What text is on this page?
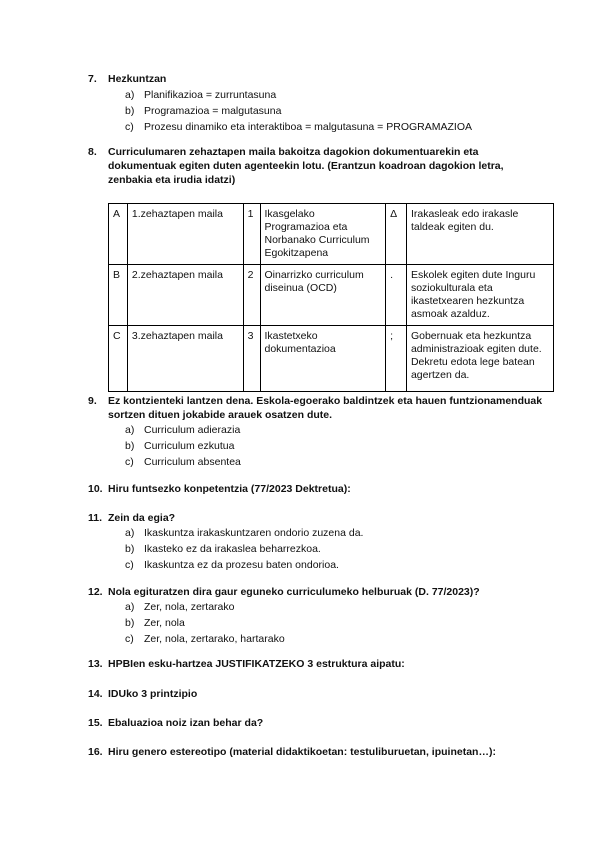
7. Hezkuntzan
a) Planifikazioa = zurruntasuna
b) Programazioa = malgutasuna
c) Prozesu dinamiko eta interaktiboa = malgutasuna = PROGRAMAZIOA
8. Curriculumaren zehaztapen maila bakoitza dagokion dokumentuarekin eta dokumentuak egiten duten agenteekin lotu. (Erantzun koadroan dagokion letra, zenbakia eta irudia idatzi)
A	1.zehaztapen maila	1	Ikasgelako Programazioa eta Norbanako Curriculum Egokitzapena	Δ	Irakasleak edo irakasle taldeak egiten du.
B	2.zehaztapen maila	2	Oinarrizko curriculum diseinua (OCD)	.	Eskolek egiten dute Inguru soziokulturala eta ikastetxearen hezkuntza asmoak azalduz.
C	3.zehaztapen maila	3	Ikastetxeko dokumentazioa	;	Gobernuak eta hezkuntza administrazioak egiten dute. Dekretu edota lege batean agertzen da.
9. Ez kontzienteki lantzen dena. Eskola-egoerako baldintzek eta hauen funtzionamenduak sortzen dituen jokabide arauek osatzen dute.
a) Curriculum adierazia
b) Curriculum ezkutua
c) Curriculum absentea
10. Hiru funtsezko konpetentzia (77/2023 Dektretua):
11. Zein da egia?
a) Ikaskuntza irakaskuntzaren ondorio zuzena da.
b) Ikasteko ez da irakaslea beharrezkoa.
c) Ikaskuntza ez da prozesu baten ondorioa.
12. Nola egituratzen dira gaur eguneko curriculumeko helburuak (D. 77/2023)?
a) Zer, nola, zertarako
b) Zer, nola
c) Zer, nola, zertarako, hartarako
13. HPBIen esku-hartzea JUSTIFIKATZEKO 3 estruktura aipatu:
14. IDUko 3 printzipio
15. Ebaluazioa noiz izan behar da?
16. Hiru genero estereotipo (material didaktikoetan: testuliburuetan, ipuinetan…):
